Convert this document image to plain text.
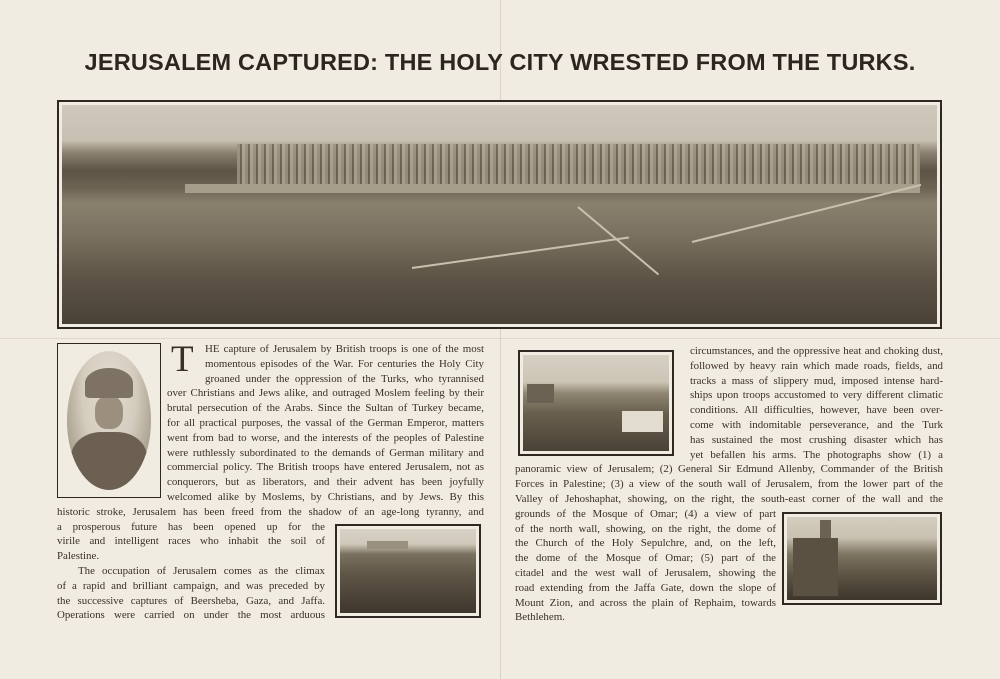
JERUSALEM CAPTURED: THE HOLY CITY WRESTED FROM THE TURKS.
T HE capture of Jerusalem by British troops is one of the most
momentous episodes of the War. For centuries the Holy City
groaned under the oppression of the Turks, who tyrannised
over Christians and Jews alike, and outraged Moslem feeling by their
brutal persecution of the Arabs. Since the Sultan of Turkey became,
for all practical purposes, the vassal of the German Emperor, matters
went from bad to worse, and the interests of the peoples of Palestine
were ruthlessly subordinated to the demands of German military and
commercial policy. The British troops have entered Jerusalem, not as
conquerors, but as liberators, and their advent has been joyfully
welcomed alike by Moslems, by Christians, and by Jews. By this
historic stroke, Jerusalem has been freed from the shadow of an age-long tyranny, and
a prosperous future has been opened up for the
virile and intelligent races who inhabit the soil of
Palestine.
The occupation of Jerusalem comes as the climax
of a rapid and brilliant campaign, and was preceded by
the successive captures of Beersheba, Gaza, and Jaffa.
Operations were carried on under the most arduous
circumstances, and the oppressive heat and choking dust,
followed by heavy rain which made roads, fields, and
tracks a mass of slippery mud, imposed intense hard-
ships upon troops accustomed to very different climatic
conditions. All difficulties, however, have been over-
come with indomitable perseverance, and the Turk
has sustained the most crushing disaster which has
yet befallen his arms. The photographs show (1) a
panoramic view of Jerusalem; (2) General Sir Edmund Allenby, Commander of the British
Forces in Palestine; (3) a view of the south wall of Jerusalem, from the lower part of the
Valley of Jehoshaphat, showing, on the right, the south-east corner of the wall and the
grounds of the Mosque of Omar; (4) a view of part
of the north wall, showing, on the right, the dome of
the Church of the Holy Sepulchre, and, on the left,
the dome of the Mosque of Omar; (5) part of the
citadel and the west wall of Jerusalem, showing the
road extending from the Jaffa Gate, down the slope of
Mount Zion, and across the plain of Rephaim, towards
Bethlehem.
